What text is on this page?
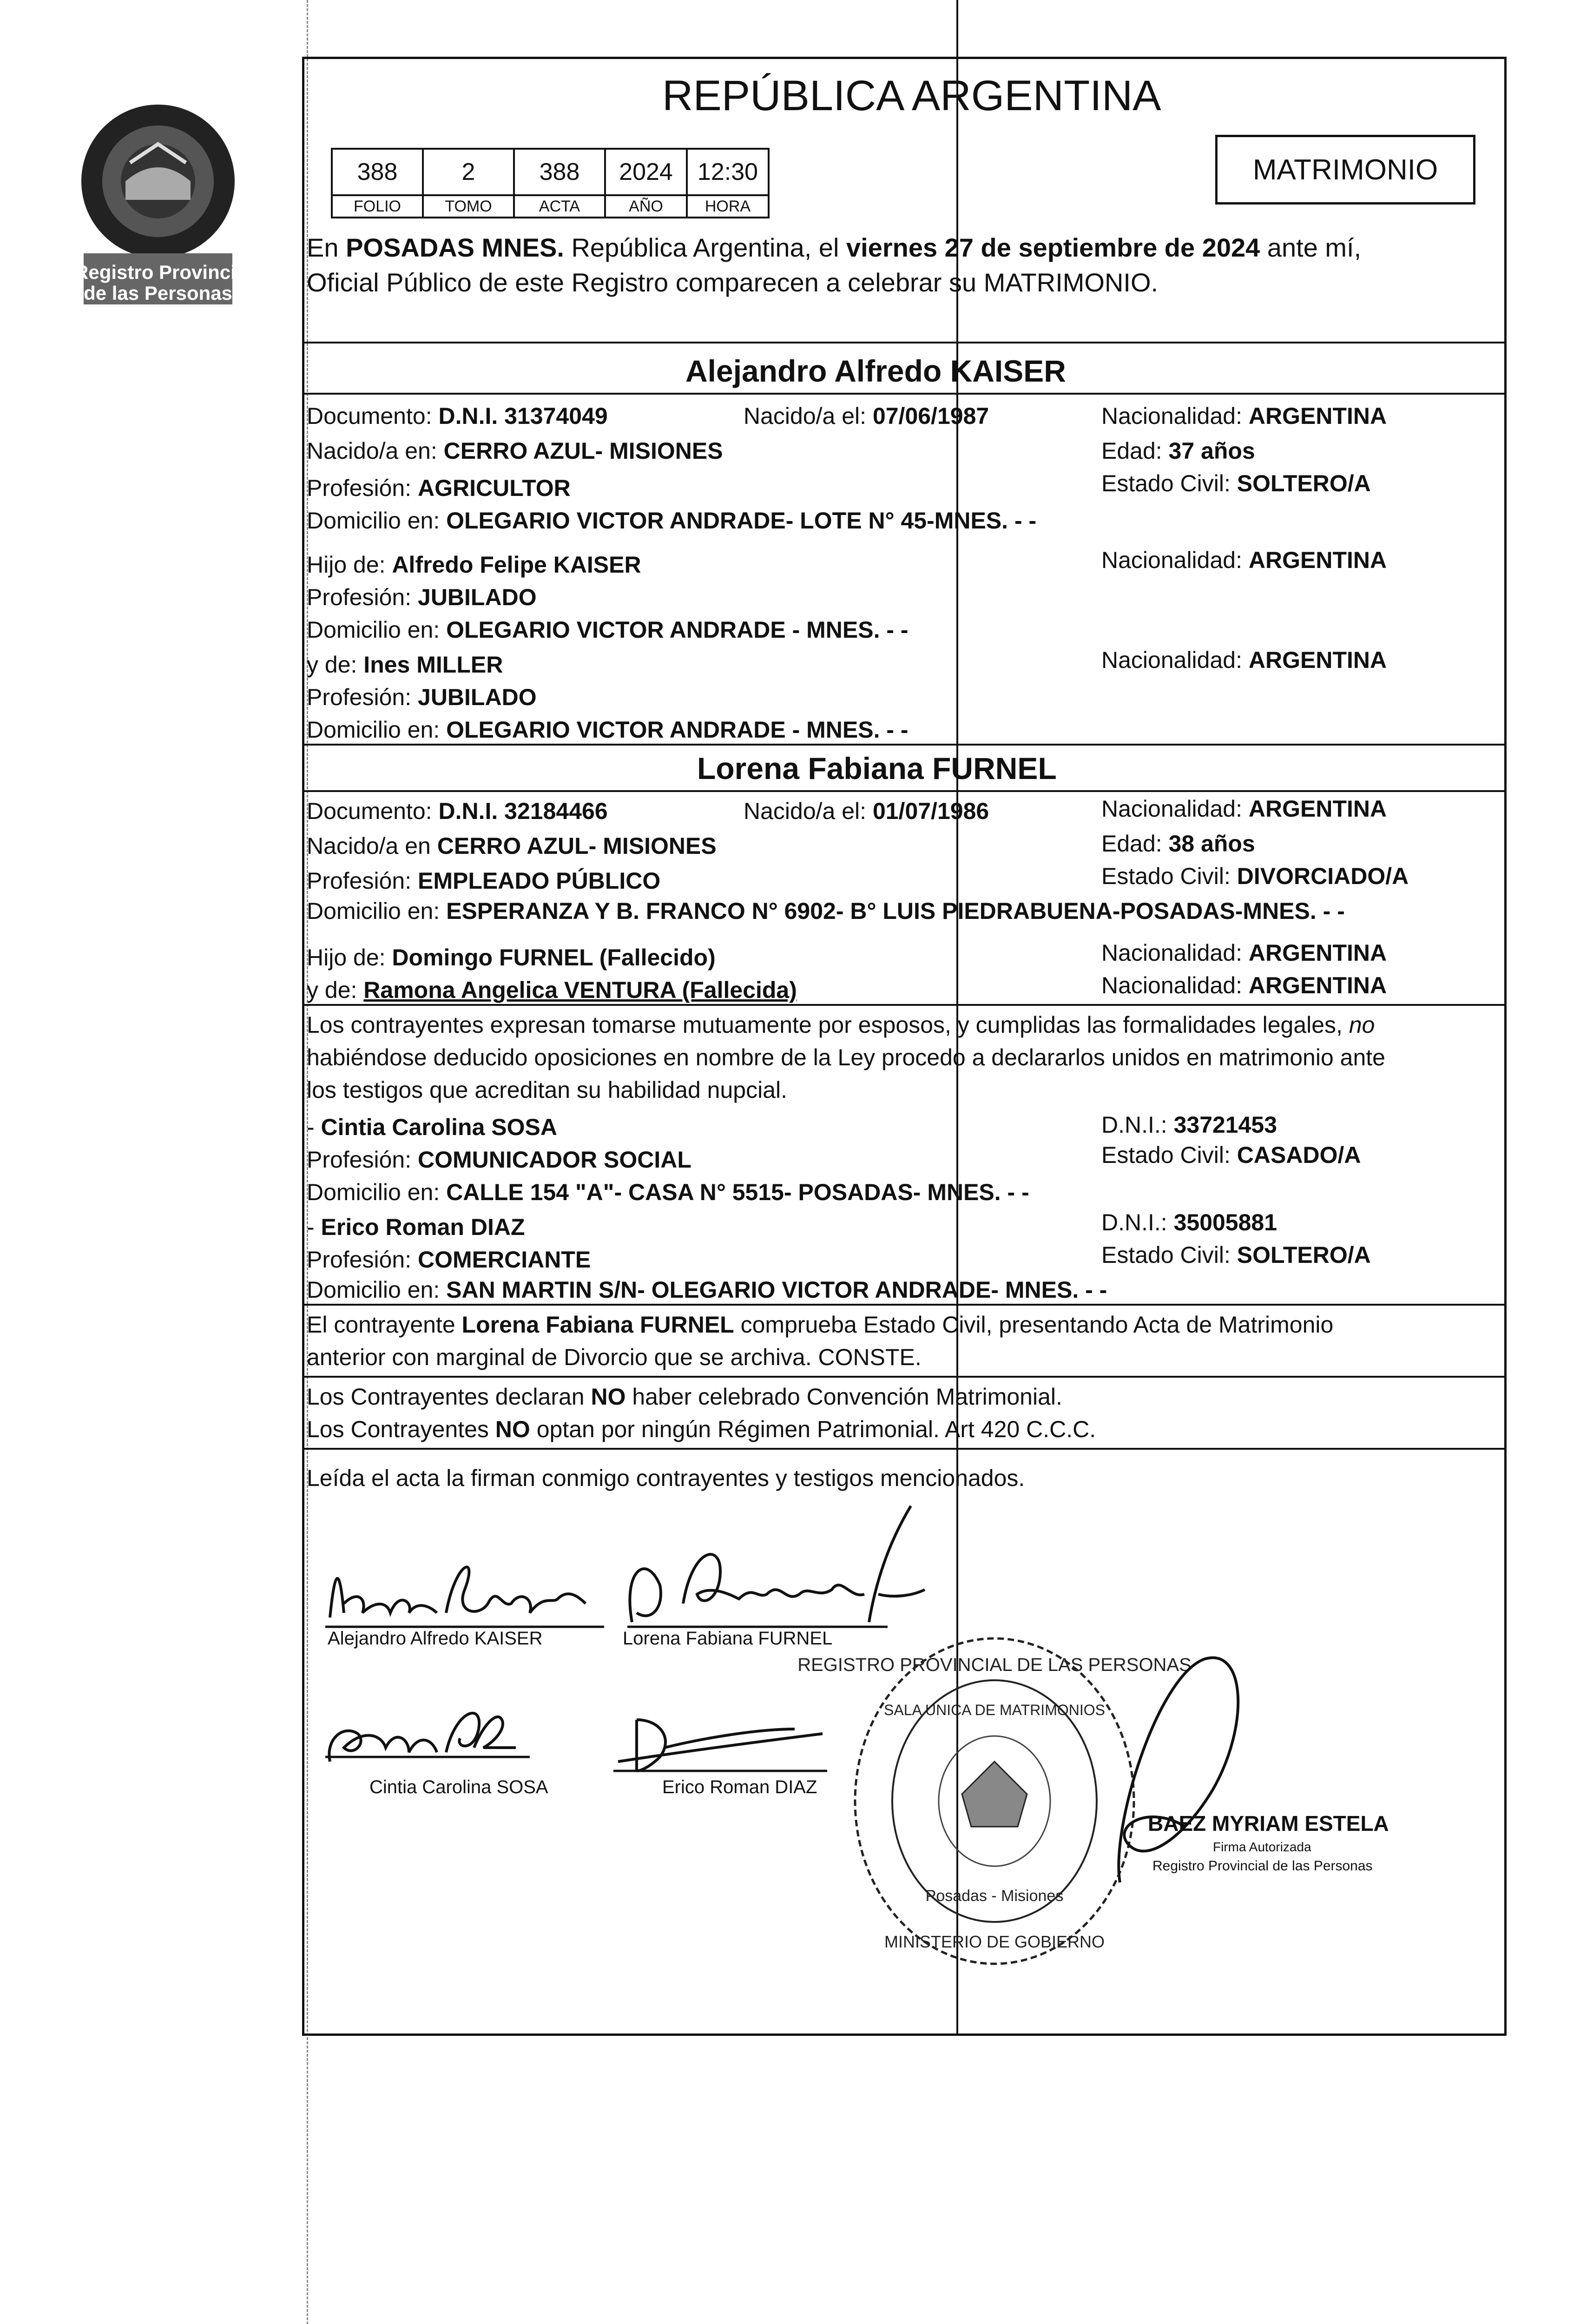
Registro Provincial
de las Personas
REPÚBLICA ARGENTINA
388	2	388	2024	12:30
FOLIO	TOMO	ACTA	AÑO	HORA
MATRIMONIO
En POSADAS MNES. República Argentina, el viernes 27 de septiembre de 2024 ante mí,
Oficial Público de este Registro comparecen a celebrar su MATRIMONIO.
Alejandro Alfredo KAISER
Documento: D.N.I. 31374049	Nacido/a el: 07/06/1987	Nacionalidad: ARGENTINA
Nacido/a en: CERRO AZUL- MISIONES	Edad: 37 años
Profesión: AGRICULTOR	Estado Civil: SOLTERO/A
Domicilio en: OLEGARIO VICTOR ANDRADE- LOTE N° 45-MNES. - -
Hijo de: Alfredo Felipe KAISER	Nacionalidad: ARGENTINA
Profesión: JUBILADO
Domicilio en: OLEGARIO VICTOR ANDRADE - MNES. - -
y de: Ines MILLER	Nacionalidad: ARGENTINA
Profesión: JUBILADO
Domicilio en: OLEGARIO VICTOR ANDRADE - MNES. - -
Lorena Fabiana FURNEL
Documento: D.N.I. 32184466	Nacido/a el: 01/07/1986	Nacionalidad: ARGENTINA
Nacido/a en CERRO AZUL- MISIONES	Edad: 38 años
Profesión: EMPLEADO PÚBLICO	Estado Civil: DIVORCIADO/A
Domicilio en: ESPERANZA Y B. FRANCO N° 6902- B° LUIS PIEDRABUENA-POSADAS-MNES. - -
Hijo de: Domingo FURNEL (Fallecido)	Nacionalidad: ARGENTINA
y de: Ramona Angelica VENTURA (Fallecida)	Nacionalidad: ARGENTINA
Los contrayentes expresan tomarse mutuamente por esposos, y cumplidas las formalidades legales, no
habiéndose deducido oposiciones en nombre de la Ley procedo a declararlos unidos en matrimonio ante
los testigos que acreditan su habilidad nupcial.
- Cintia Carolina SOSA	D.N.I.: 33721453
Profesión: COMUNICADOR SOCIAL	Estado Civil: CASADO/A
Domicilio en: CALLE 154 "A"- CASA N° 5515- POSADAS- MNES. - -
- Erico Roman DIAZ	D.N.I.: 35005881
Profesión: COMERCIANTE	Estado Civil: SOLTERO/A
Domicilio en: SAN MARTIN S/N- OLEGARIO VICTOR ANDRADE- MNES. - -
El contrayente Lorena Fabiana FURNEL comprueba Estado Civil, presentando Acta de Matrimonio
anterior con marginal de Divorcio que se archiva. CONSTE.
Los Contrayentes declaran NO haber celebrado Convención Matrimonial.
Los Contrayentes NO optan por ningún Régimen Patrimonial. Art 420 C.C.C.
Leída el acta la firman conmigo contrayentes y testigos mencionados.
Alejandro Alfredo KAISER	Lorena Fabiana FURNEL
Cintia Carolina SOSA	Erico Roman DIAZ
REGISTRO PROVINCIAL DE LAS PERSONAS
SALA UNICA DE MATRIMONIOS
Posadas - Misiones
MINISTERIO DE GOBIERNO
BAEZ MYRIAM ESTELA
Firma Autorizada
Registro Provincial de las Personas
